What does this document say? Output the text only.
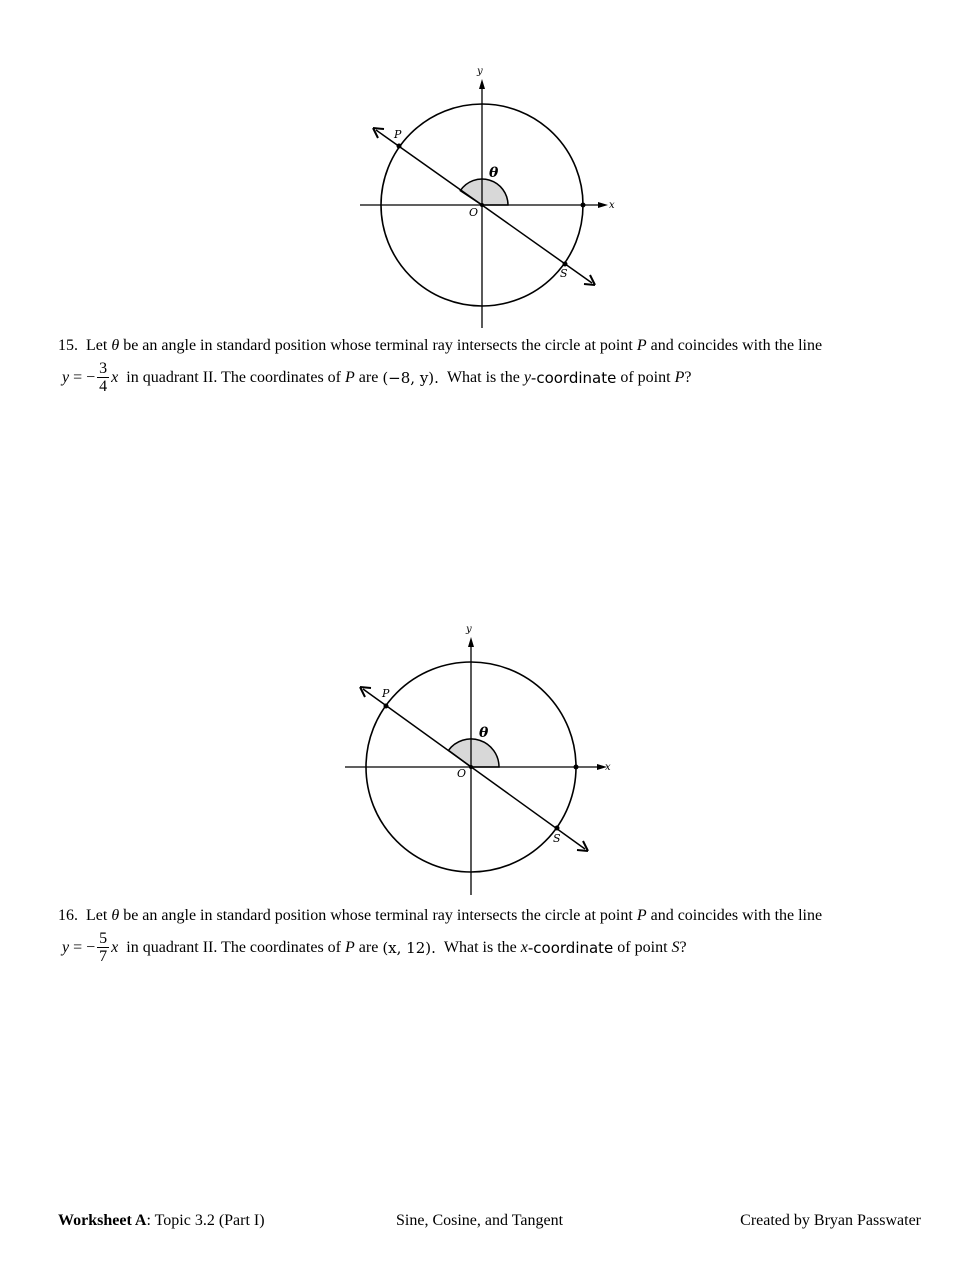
y
x
O
P
S
θ
15. Let θ be an angle in standard position whose terminal ray intersects the circle at point P and coincides with the line
y
= − $\frac{3}{4}$ x in quadrant II. The coordinates of
P
are
(−8, y). What is the
y -coordinate
of point
P ?
y
x
O
P
S
θ
16. Let θ be an angle in standard position whose terminal ray intersects the circle at point P and coincides with the line
y
= − $\frac{5}{7}$ x in quadrant II. The coordinates of
P
are
(x, 12). What is the
x -coordinate
of point
S ?
Worksheet A: Topic 3.2 (Part I)	Sine, Cosine, and Tangent	Created by Bryan Passwater
